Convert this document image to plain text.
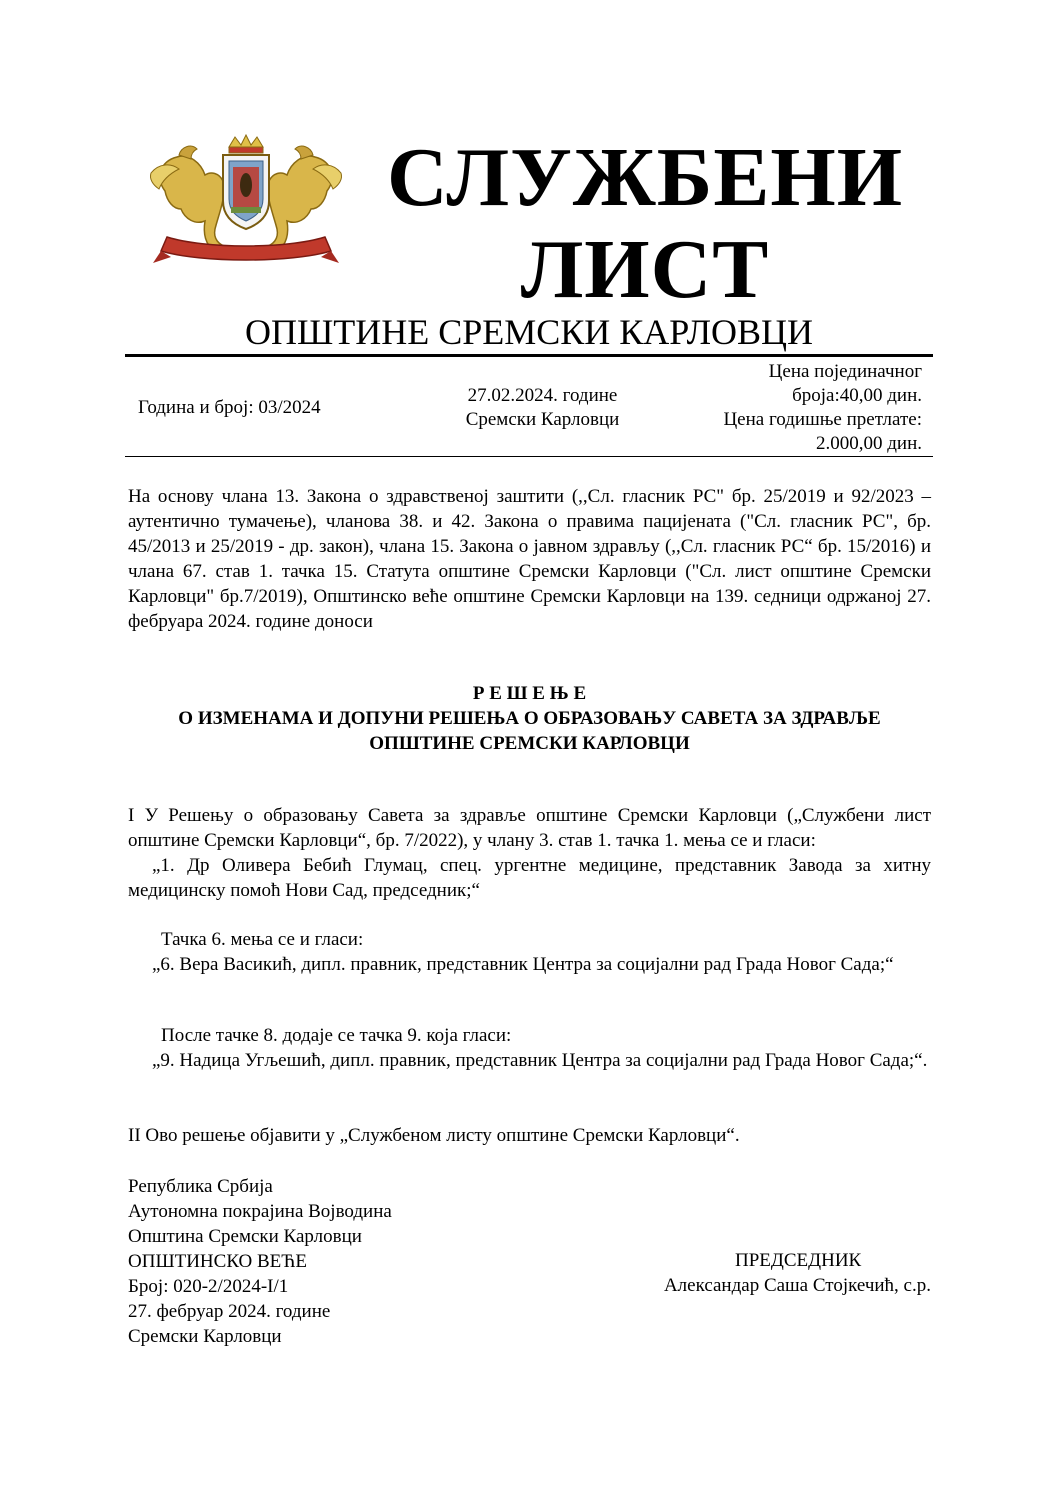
СЛУЖБЕНИ
ЛИСТ
ОПШТИНЕ СРЕМСКИ КАРЛОВЦИ
Година и број: 03/2024
27.02.2024. године
Сремски Карловци
Цена појединачног
броја:40,00 дин.
Цена годишње претлате:
2.000,00 дин.
На основу члана 13. Закона о здравственој заштити (,,Сл. гласник РС" бр. 25/2019 и 92/2023 – аутентично тумачење), чланова 38. и 42. Закона о правима пацијената ("Сл. гласник РС", бр. 45/2013 и 25/2019 - др. закон), члана 15. Закона о јавном здрављу (,,Сл. гласник РС“ бр. 15/2016) и члана 67. став 1. тачка 15. Статута општине Сремски Карловци ("Сл. лист општине Сремски Карловци" бр.7/2019), Општинско веће општине Сремски Карловци на 139. седници одржаној 27. фебруара 2024. године доноси
Р Е Ш Е Њ Е
О ИЗМЕНАМА И ДОПУНИ РЕШЕЊА О ОБРАЗОВАЊУ САВЕТА ЗА ЗДРАВЉЕ
ОПШТИНЕ СРЕМСКИ КАРЛОВЦИ

I У Решењу о образовању Савета за здравље општине Сремски Карловци („Службени лист општине Сремски Карловци“, бр. 7/2022), у члану 3. став 1. тачка 1. мења се и гласи:

„1. Др Оливера Бебић Глумац, спец. ургентне медицине, представник Завода за хитну медицинску помоћ Нови Сад, председник;“

Тачка 6. мења се и гласи:

„6. Вера Васикић, дипл. правник, представник Центра за социјални рад Града Новог Сада;“

После тачке 8. додаје се тачка 9. која гласи:

„9. Надица Угљешић, дипл. правник, представник Центра за социјални рад Града Новог Сада;“.

II Ово решење објавити у „Службеном листу општине Сремски Карловци“.

Република Србија
Аутономна покрајина Војводина
Општина Сремски Карловци
ОПШТИНСКО ВЕЋЕ
Број: 020-2/2024-I/1
27. фебруар 2024. године
Сремски Карловци
ПРЕДСЕДНИК
Александар Саша Стојкечић, с.р.
